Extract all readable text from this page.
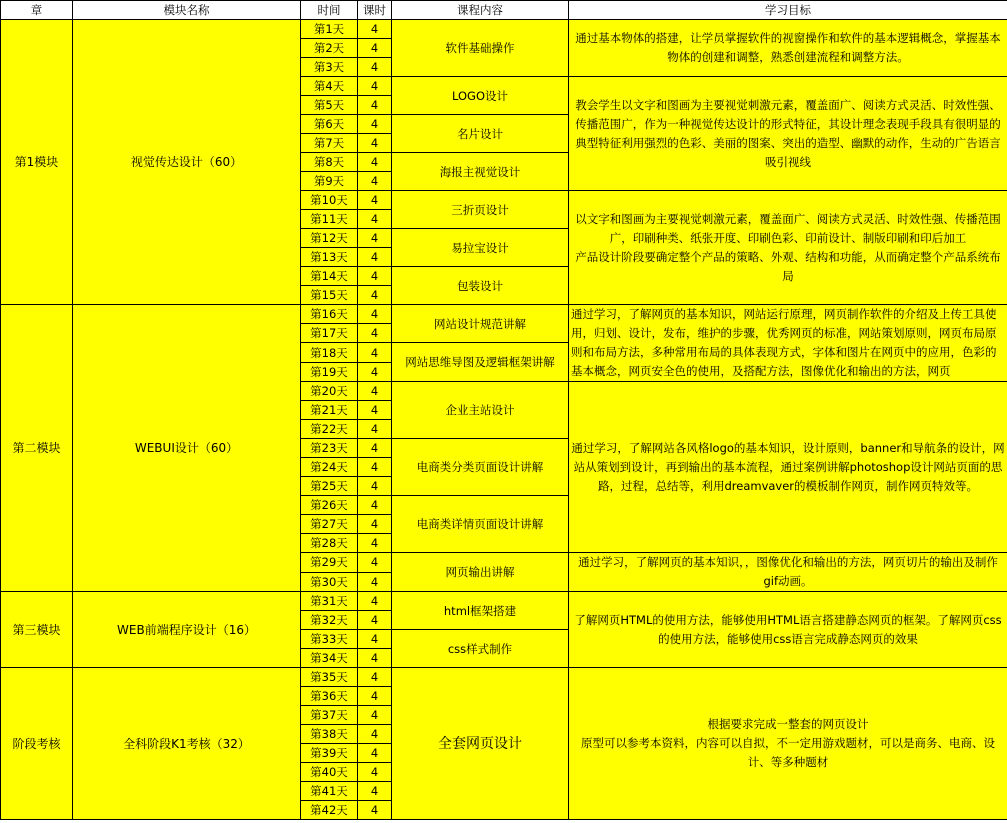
章	模块名称	时间	课时	课程内容	学习目标
第1模块	视觉传达设计（60）	第1天	4	软件基础操作	通过基本物体的搭建，让学员掌握软件的视窗操作和软件的基本逻辑概念，掌握基本物体的创建和调整，熟悉创建流程和调整方法。
		第2天	4		
		第3天	4		
		第4天	4	LOGO设计	教会学生以文字和图画为主要视觉刺激元素，覆盖面广、阅读方式灵活、时效性强、传播范围广，作为一种视觉传达设计的形式特征，其设计理念表现手段具有很明显的典型特征利用强烈的色彩、美丽的图案、突出的造型、幽默的动作，生动的广告语言吸引视线
		第5天	4		
		第6天	4	名片设计	
		第7天	4		
		第8天	4	海报主视觉设计	
		第9天	4		
		第10天	4	三折页设计	以文字和图画为主要视觉刺激元素，覆盖面广、阅读方式灵活、时效性强、传播范围广，印刷种类、纸张开度、印刷色彩、印前设计、制版印刷和印后加工
产品设计阶段要确定整个产品的策略、外观、结构和功能，从而确定整个产品系统布局
		第11天	4		
		第12天	4	易拉宝设计	
		第13天	4		
		第14天	4	包装设计	
		第15天	4		
第二模块	WEBUI设计（60）	第16天	4	网站设计规范讲解	通过学习，了解网页的基本知识，网站运行原理，网页制作软件的介绍及上传工具使用，归划、设计，发布，维护的步骤，优秀网页的标准，网站策划原则，网页布局原则和布局方法，多种常用布局的具体表现方式，字体和图片在网页中的应用，色彩的基本概念，网页安全色的使用，及搭配方法，图像优化和输出的方法，网页
		第17天	4		
		第18天	4	网站思维导图及逻辑框架讲解	
		第19天	4		
		第20天	4	企业主站设计	通过学习，了解网站各风格logo的基本知识，设计原则，banner和导航条的设计，网站从策划到设计，再到输出的基本流程，通过案例讲解photoshop设计网站页面的思路，过程，总结等，利用dreamvaver的模板制作网页，制作网页特效等。
		第21天	4		
		第22天	4		
		第23天	4	电商类分类页面设计讲解	
		第24天	4		
		第25天	4		
		第26天	4	电商类详情页面设计讲解	
		第27天	4		
		第28天	4		
		第29天	4	网页输出讲解	通过学习，了解网页的基本知识，，图像优化和输出的方法，网页切片的输出及制作gif动画。
		第30天	4		
第三模块	WEB前端程序设计（16）	第31天	4	html框架搭建	了解网页HTML的使用方法，能够使用HTML语言搭建静态网页的框架。了解网页css的使用方法，能够使用css语言完成静态网页的效果
		第32天	4		
		第33天	4	css样式制作	
		第34天	4		
阶段考核	全科阶段K1考核（32）	第35天	4	全套网页设计	根据要求完成一整套的网页设计
原型可以参考本资料，内容可以自拟，不一定用游戏题材，可以是商务、电商、设计、等多种题材
		第36天	4		
		第37天	4		
		第38天	4		
		第39天	4		
		第40天	4		
		第41天	4		
		第42天	4		
